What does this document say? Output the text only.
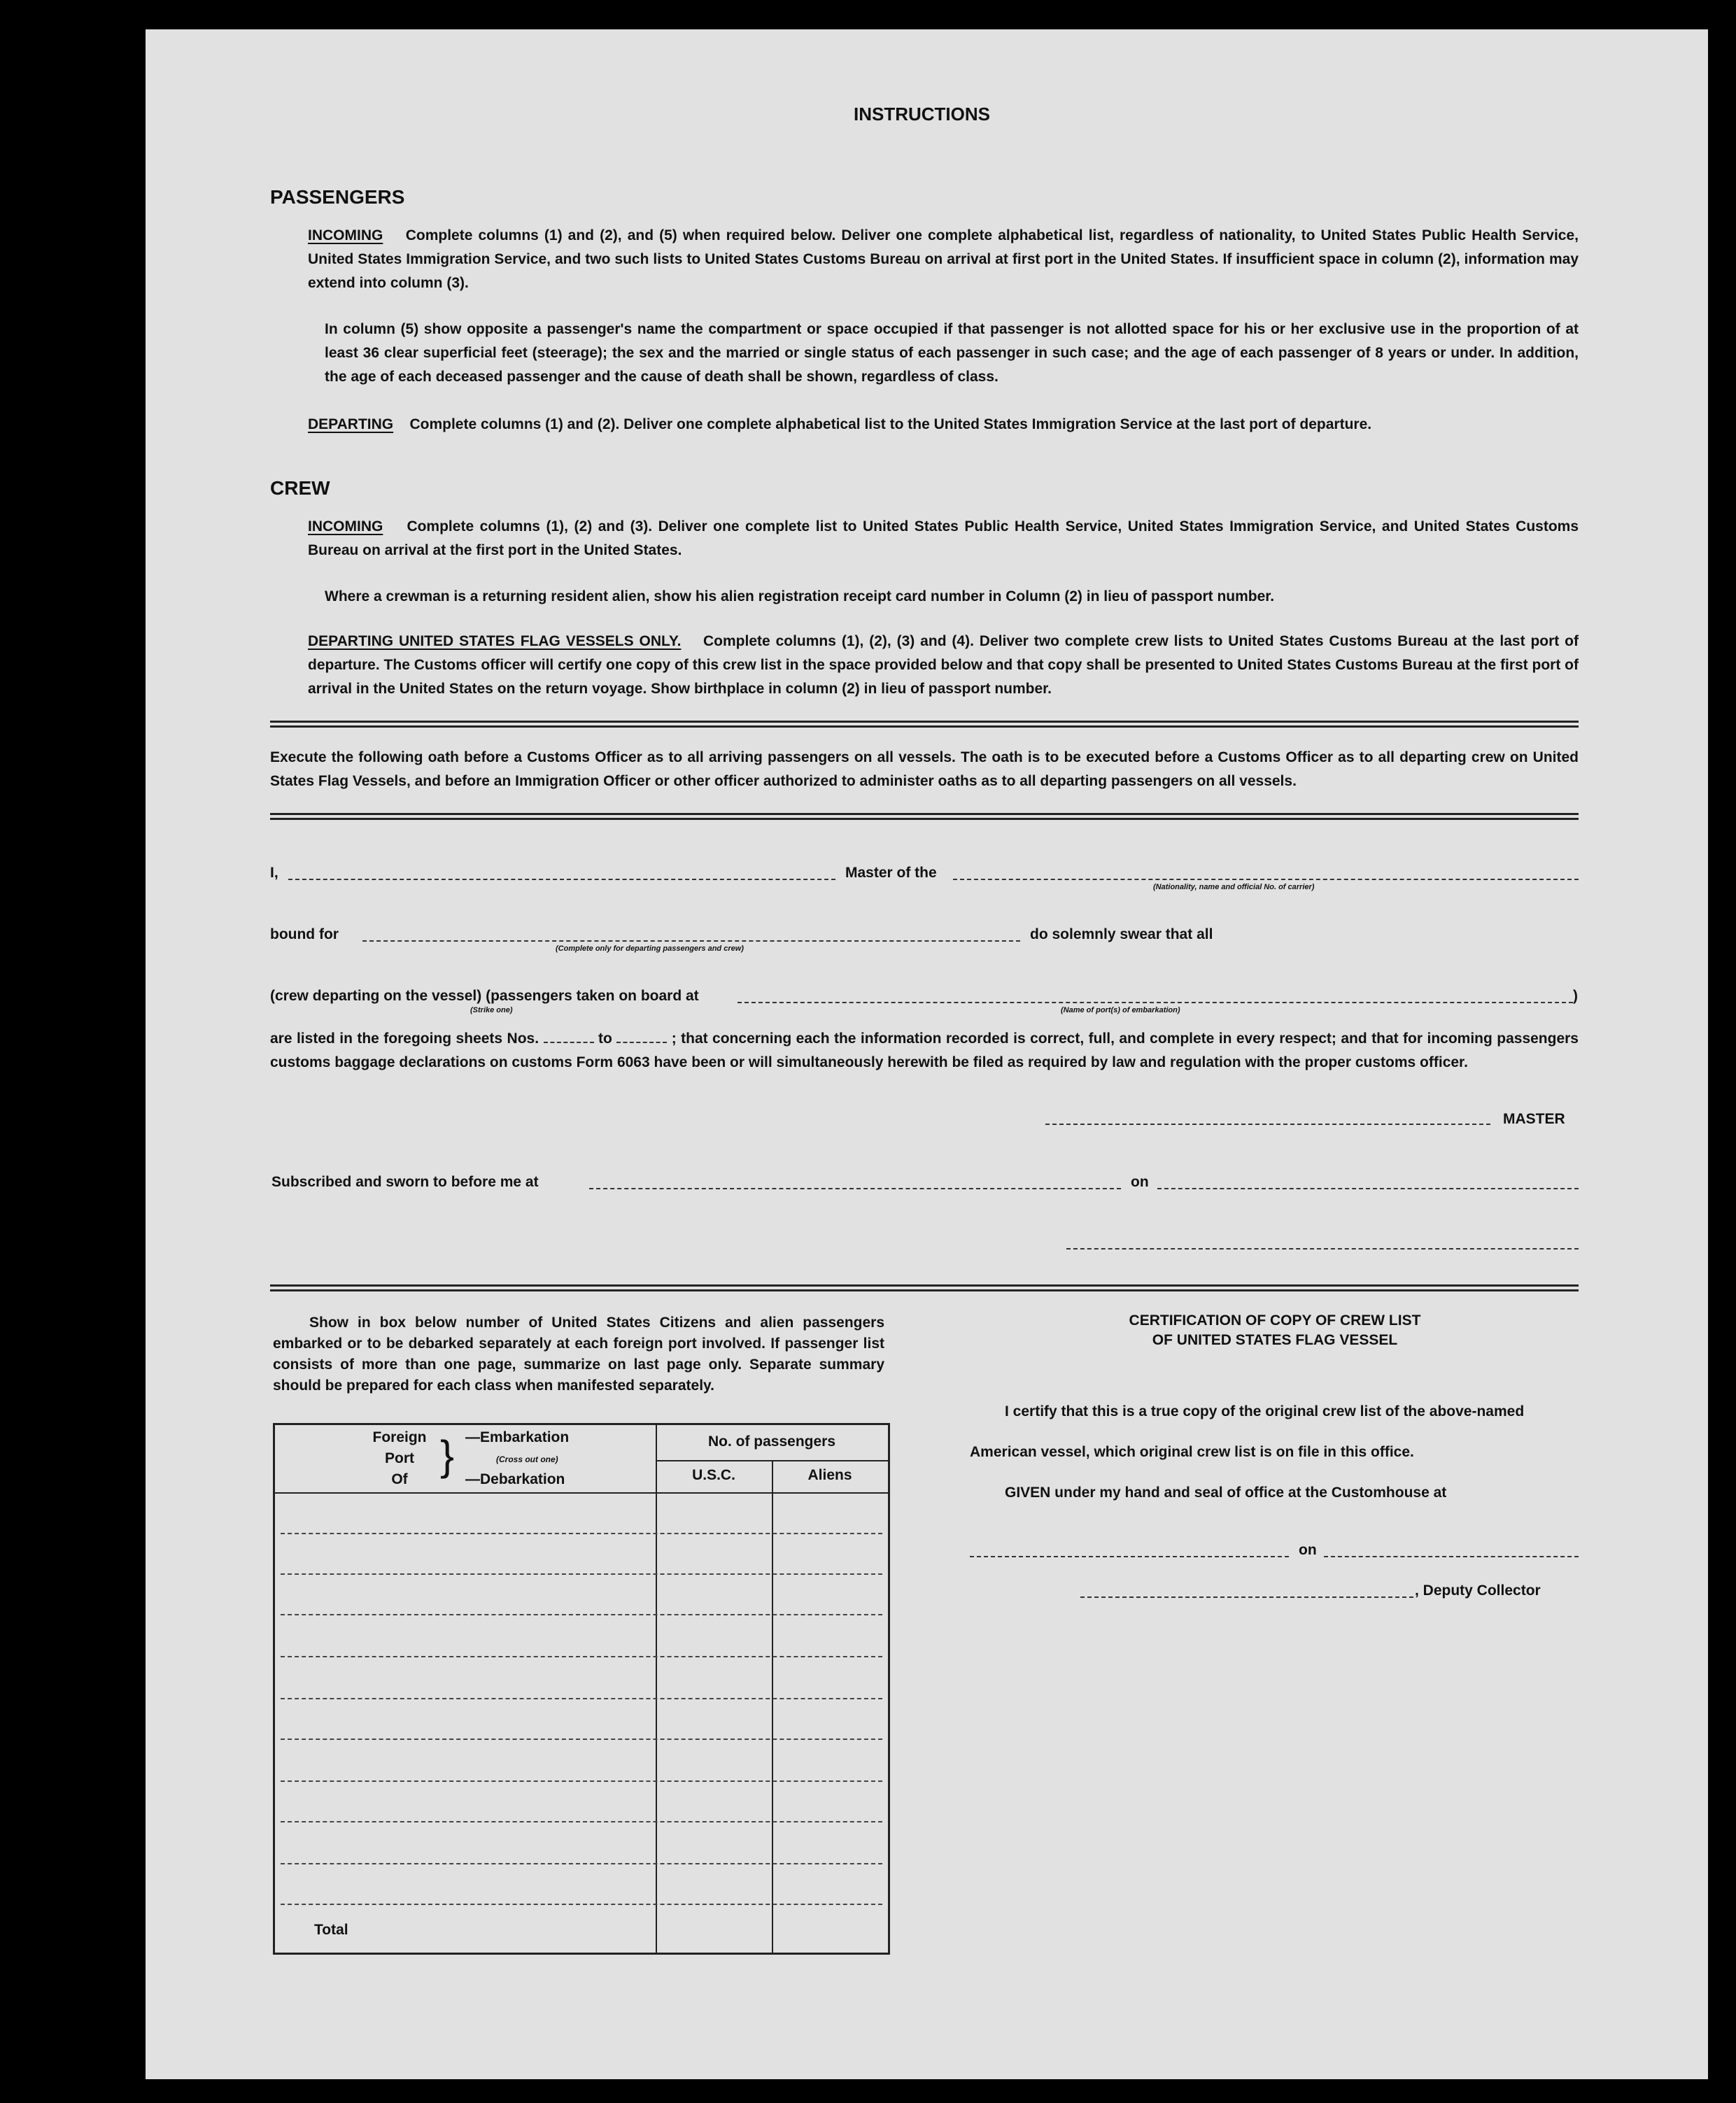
INSTRUCTIONS
PASSENGERS
INCOMING Complete columns (1) and (2), and (5) when required below. Deliver one complete alphabetical list, regardless of nationality, to United States Public Health Service, United States Immigration Service, and two such lists to United States Customs Bureau on arrival at first port in the United States. If insufficient space in column (2), information may extend into column (3).
In column (5) show opposite a passenger's name the compartment or space occupied if that passenger is not allotted space for his or her exclusive use in the proportion of at least 36 clear superficial feet (steerage); the sex and the married or single status of each passenger in such case; and the age of each passenger of 8 years or under. In addition, the age of each deceased passenger and the cause of death shall be shown, regardless of class.
DEPARTING Complete columns (1) and (2). Deliver one complete alphabetical list to the United States Immigration Service at the last port of departure.
CREW
INCOMING Complete columns (1), (2) and (3). Deliver one complete list to United States Public Health Service, United States Immigration Service, and United States Customs Bureau on arrival at the first port in the United States.
Where a crewman is a returning resident alien, show his alien registration receipt card number in Column (2) in lieu of passport number.
DEPARTING UNITED STATES FLAG VESSELS ONLY. Complete columns (1), (2), (3) and (4). Deliver two complete crew lists to United States Customs Bureau at the last port of departure. The Customs officer will certify one copy of this crew list in the space provided below and that copy shall be presented to United States Customs Bureau at the first port of arrival in the United States on the return voyage. Show birthplace in column (2) in lieu of passport number.
Execute the following oath before a Customs Officer as to all arriving passengers on all vessels. The oath is to be executed before a Customs Officer as to all departing crew on United States Flag Vessels, and before an Immigration Officer or other officer authorized to administer oaths as to all departing passengers on all vessels.
I,	Master of the
(Nationality, name and official No. of carrier)
bound for	do solemnly swear that all
(Complete only for departing passengers and crew)
(crew departing on the vessel) (passengers taken on board at	)
(Strike one)	(Name of port(s) of embarkation)
are listed in the foregoing sheets Nos.	to	; that concerning each the information recorded is correct, full, and complete in every respect; and that for incoming passengers customs baggage declarations on customs Form 6063 have been or will simultaneously herewith be filed as required by law and regulation with the proper customs officer.
MASTER
Subscribed and sworn to before me at	on
Show in box below number of United States Citizens and alien passengers embarked or to be debarked separately at each foreign port involved. If passenger list consists of more than one page, summarize on last page only. Separate summary should be prepared for each class when manifested separately.
Foreign
Port
Of
} —Embarkation
(Cross out one)
—Debarkation
No. of passengers
U.S.C.	Aliens
Total
CERTIFICATION OF COPY OF CREW LIST
OF UNITED STATES FLAG VESSEL
I certify that this is a true copy of the original crew list of the above-named
American vessel, which original crew list is on file in this office.
GIVEN under my hand and seal of office at the Customhouse at
on
, Deputy Collector
